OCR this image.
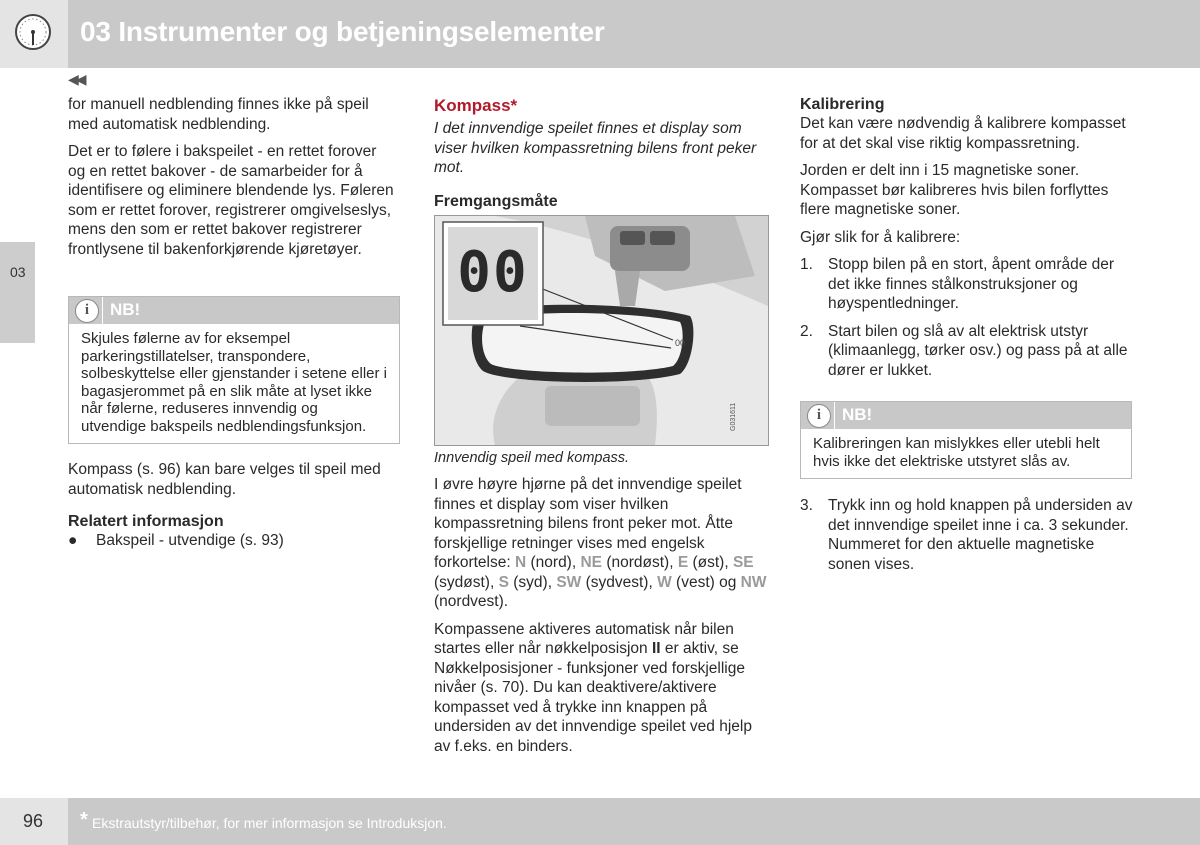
03 Instrumenter og betjeningselementer
◀◀
03

for manuell nedblending finnes ikke på speil med automatisk nedblending.

Det er to følere i bakspeilet - en rettet forover og en rettet bakover - de samarbeider for å identifisere og eliminere blendende lys. Føleren som er rettet forover, registrerer omgivelseslys, mens den som er rettet bakover registrerer frontlysene til bakenforkjørende kjøretøyer.

i	NB!
Skjules følerne av for eksempel parkeringstillatelser, transpondere, solbeskyttelse eller gjenstander i setene eller i bagasjerommet på en slik måte at lyset ikke når følerne, reduseres innvendig og utvendige bakspeils nedblendingsfunksjon.

Kompass (s. 96) kan bare velges til speil med automatisk nedblending.

Relatert informasjon
●	Bakspeil - utvendige (s. 93)
Kompass*

I det innvendige speilet finnes et display som viser hvilken kompassretning bilens front peker mot.

Fremgangsmåte
00
G031611
00
Innvendig speil med kompass.

I øvre høyre hjørne på det innvendige speilet finnes et display som viser hvilken kompassretning bilens front peker mot. Åtte forskjellige retninger vises med engelsk forkortelse: N (nord), NE (nordøst), E (øst), SE (sydøst), S (syd), SW (sydvest), W (vest) og NW (nordvest).

Kompassene aktiveres automatisk når bilen startes eller når nøkkelposisjon II er aktiv, se Nøkkelposisjoner - funksjoner ved forskjellige nivåer (s. 70). Du kan deaktivere/aktivere kompasset ved å trykke inn knappen på undersiden av det innvendige speilet ved hjelp av f.eks. en binders.

Kalibrering

Det kan være nødvendig å kalibrere kompasset for at det skal vise riktig kompassretning.

Jorden er delt inn i 15 magnetiske soner. Kompasset bør kalibreres hvis bilen forflyttes flere magnetiske soner.

Gjør slik for å kalibrere:

1. Stopp bilen på en stort, åpent område der det ikke finnes stålkonstruksjoner og høyspentledninger.
2. Start bilen og slå av alt elektrisk utstyr (klimaanlegg, tørker osv.) og pass på at alle dører er lukket.
i	NB!
Kalibreringen kan mislykkes eller utebli helt hvis ikke det elektriske utstyret slås av.
3. Trykk inn og hold knappen på undersiden av det innvendige speilet inne i ca. 3 sekunder. Nummeret for den aktuelle magnetiske sonen vises.
96 * Ekstrautstyr/tilbehør, for mer informasjon se Introduksjon.
